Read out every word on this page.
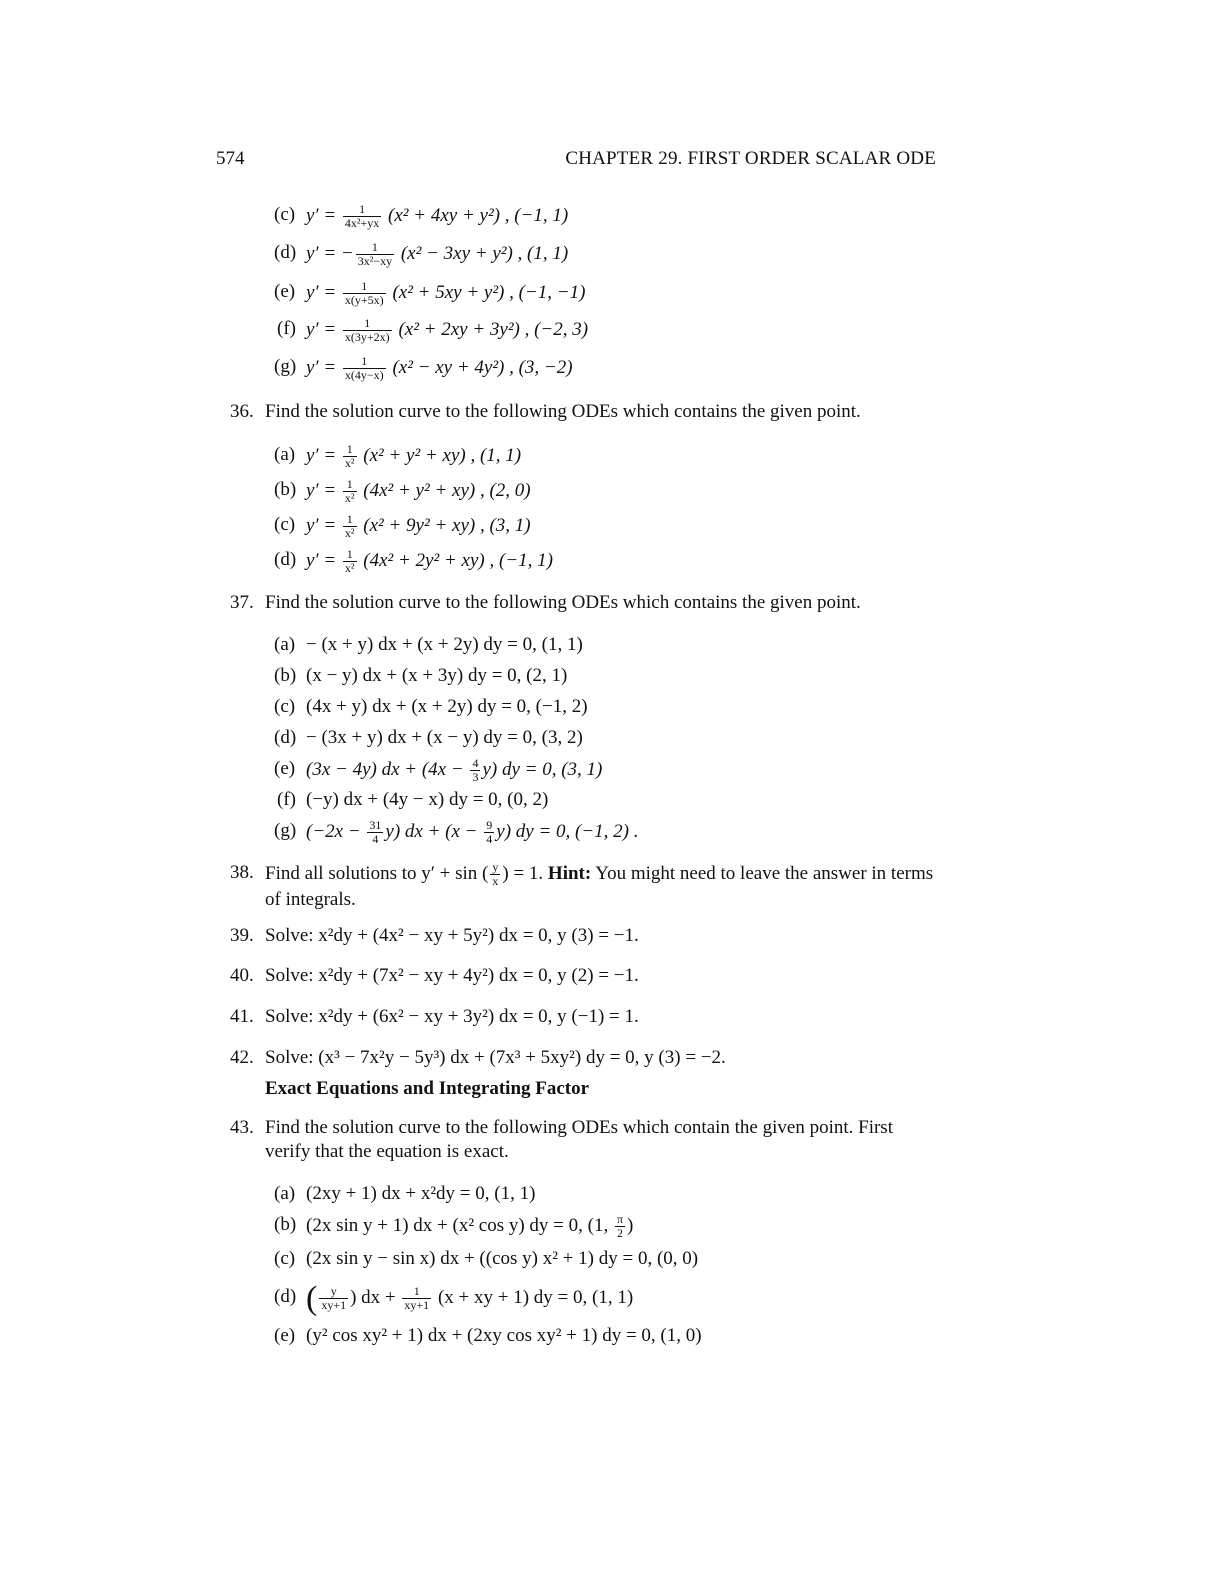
574	CHAPTER 29. FIRST ORDER SCALAR ODE
(c) $y' = \frac{1}{\text{4x²+yx}} (x^2 + 4xy + y^2)$ , (−1, 1)
(d) y′ = − $\frac{1}{\text{3x²−xy}} (x^2 - 3xy + y^2)$ , (1, 1)
(e) $y' = \frac{1}{x(y+5x)} (x^2 + 5xy + y^2)$ , (−1, −1)
(f) $y' = \frac{1}{x(3y+2x)} (x^2 + 2xy + 3y^2)$ , (−2, 3)
(g) $y' = \frac{1}{x(4y-x)} (x^2$ − xy + 4y²) , (3, −2)
36. Find the solution curve to the following ODEs which contains the given point.
(a) $y' = \frac{1}{\text{x²}} (x^2 + y^2 + xy)$ , (1, 1)
(b) $y' = \frac{1}{\text{x²}} (4x^2 + y^2 + xy)$ , (2, 0)
(c) $y' = \frac{1}{\text{x²}} (x^2 + 9y^2 + xy)$ , (3, 1)
(d) $y' = \frac{1}{\text{x²}} (4x^2 + 2y^2 + xy)$ , (−1, 1)
37. Find the solution curve to the following ODEs which contains the given point.
(a) − (x + y) dx + (x + 2y) dy = 0, (1, 1)
(b) (x − y) dx + (x + 3y) dy = 0, (2, 1)
(c) (4x + y) dx + (x + 2y) dy = 0, (−1, 2)
(d) − (3x + y) dx + (x − y) dy = 0, (3, 2)
(e) (3x − 4y) dx + $(4x - \frac{4}{3} y)$ dy = 0, (3, 1)
(f) (−y) dx + (4y − x) dy = 0, (0, 2)
(g) $(-2x - \frac{31}{4} y)$ dx + $(x - \frac{9}{4} y)$ dy = 0, (−1, 2) .
38. Find all solutions to y′ + sin ( $\frac{y}{x}$ ) = 1. Hint: You might need to leave the answer in terms of integrals.
39. Solve: x²dy + (4x² − xy + 5y²) dx = 0, y (3) = −1.
40. Solve: x²dy + (7x² − xy + 4y²) dx = 0, y (2) = −1.
41. Solve: x²dy + (6x² − xy + 3y²) dx = 0, y (−1) = 1.
42. Solve: (x³ − 7x²y − 5y³) dx + (7x³ + 5xy²) dy = 0, y (3) = −2.
Exact Equations and Integrating Factor
43. Find the solution curve to the following ODEs which contain the given point. First verify that the equation is exact.
(a) (2xy + 1) dx + x²dy = 0, (1, 1)
(b) (2x sin y + 1) dx + (x² cos y) dy = 0, (1, $\frac{\pi}{2}$ )
(c) (2x sin y − sin x) dx + ((cos y) x² + 1) dy = 0, (0, 0)
(d) ( $\frac{y}{xy+1}$ ) dx + $\frac{1}{xy+1} (x$ + xy + 1) dy = 0, (1, 1)
(e) (y² cos xy² + 1) dx + (2xy cos xy² + 1) dy = 0, (1, 0)
